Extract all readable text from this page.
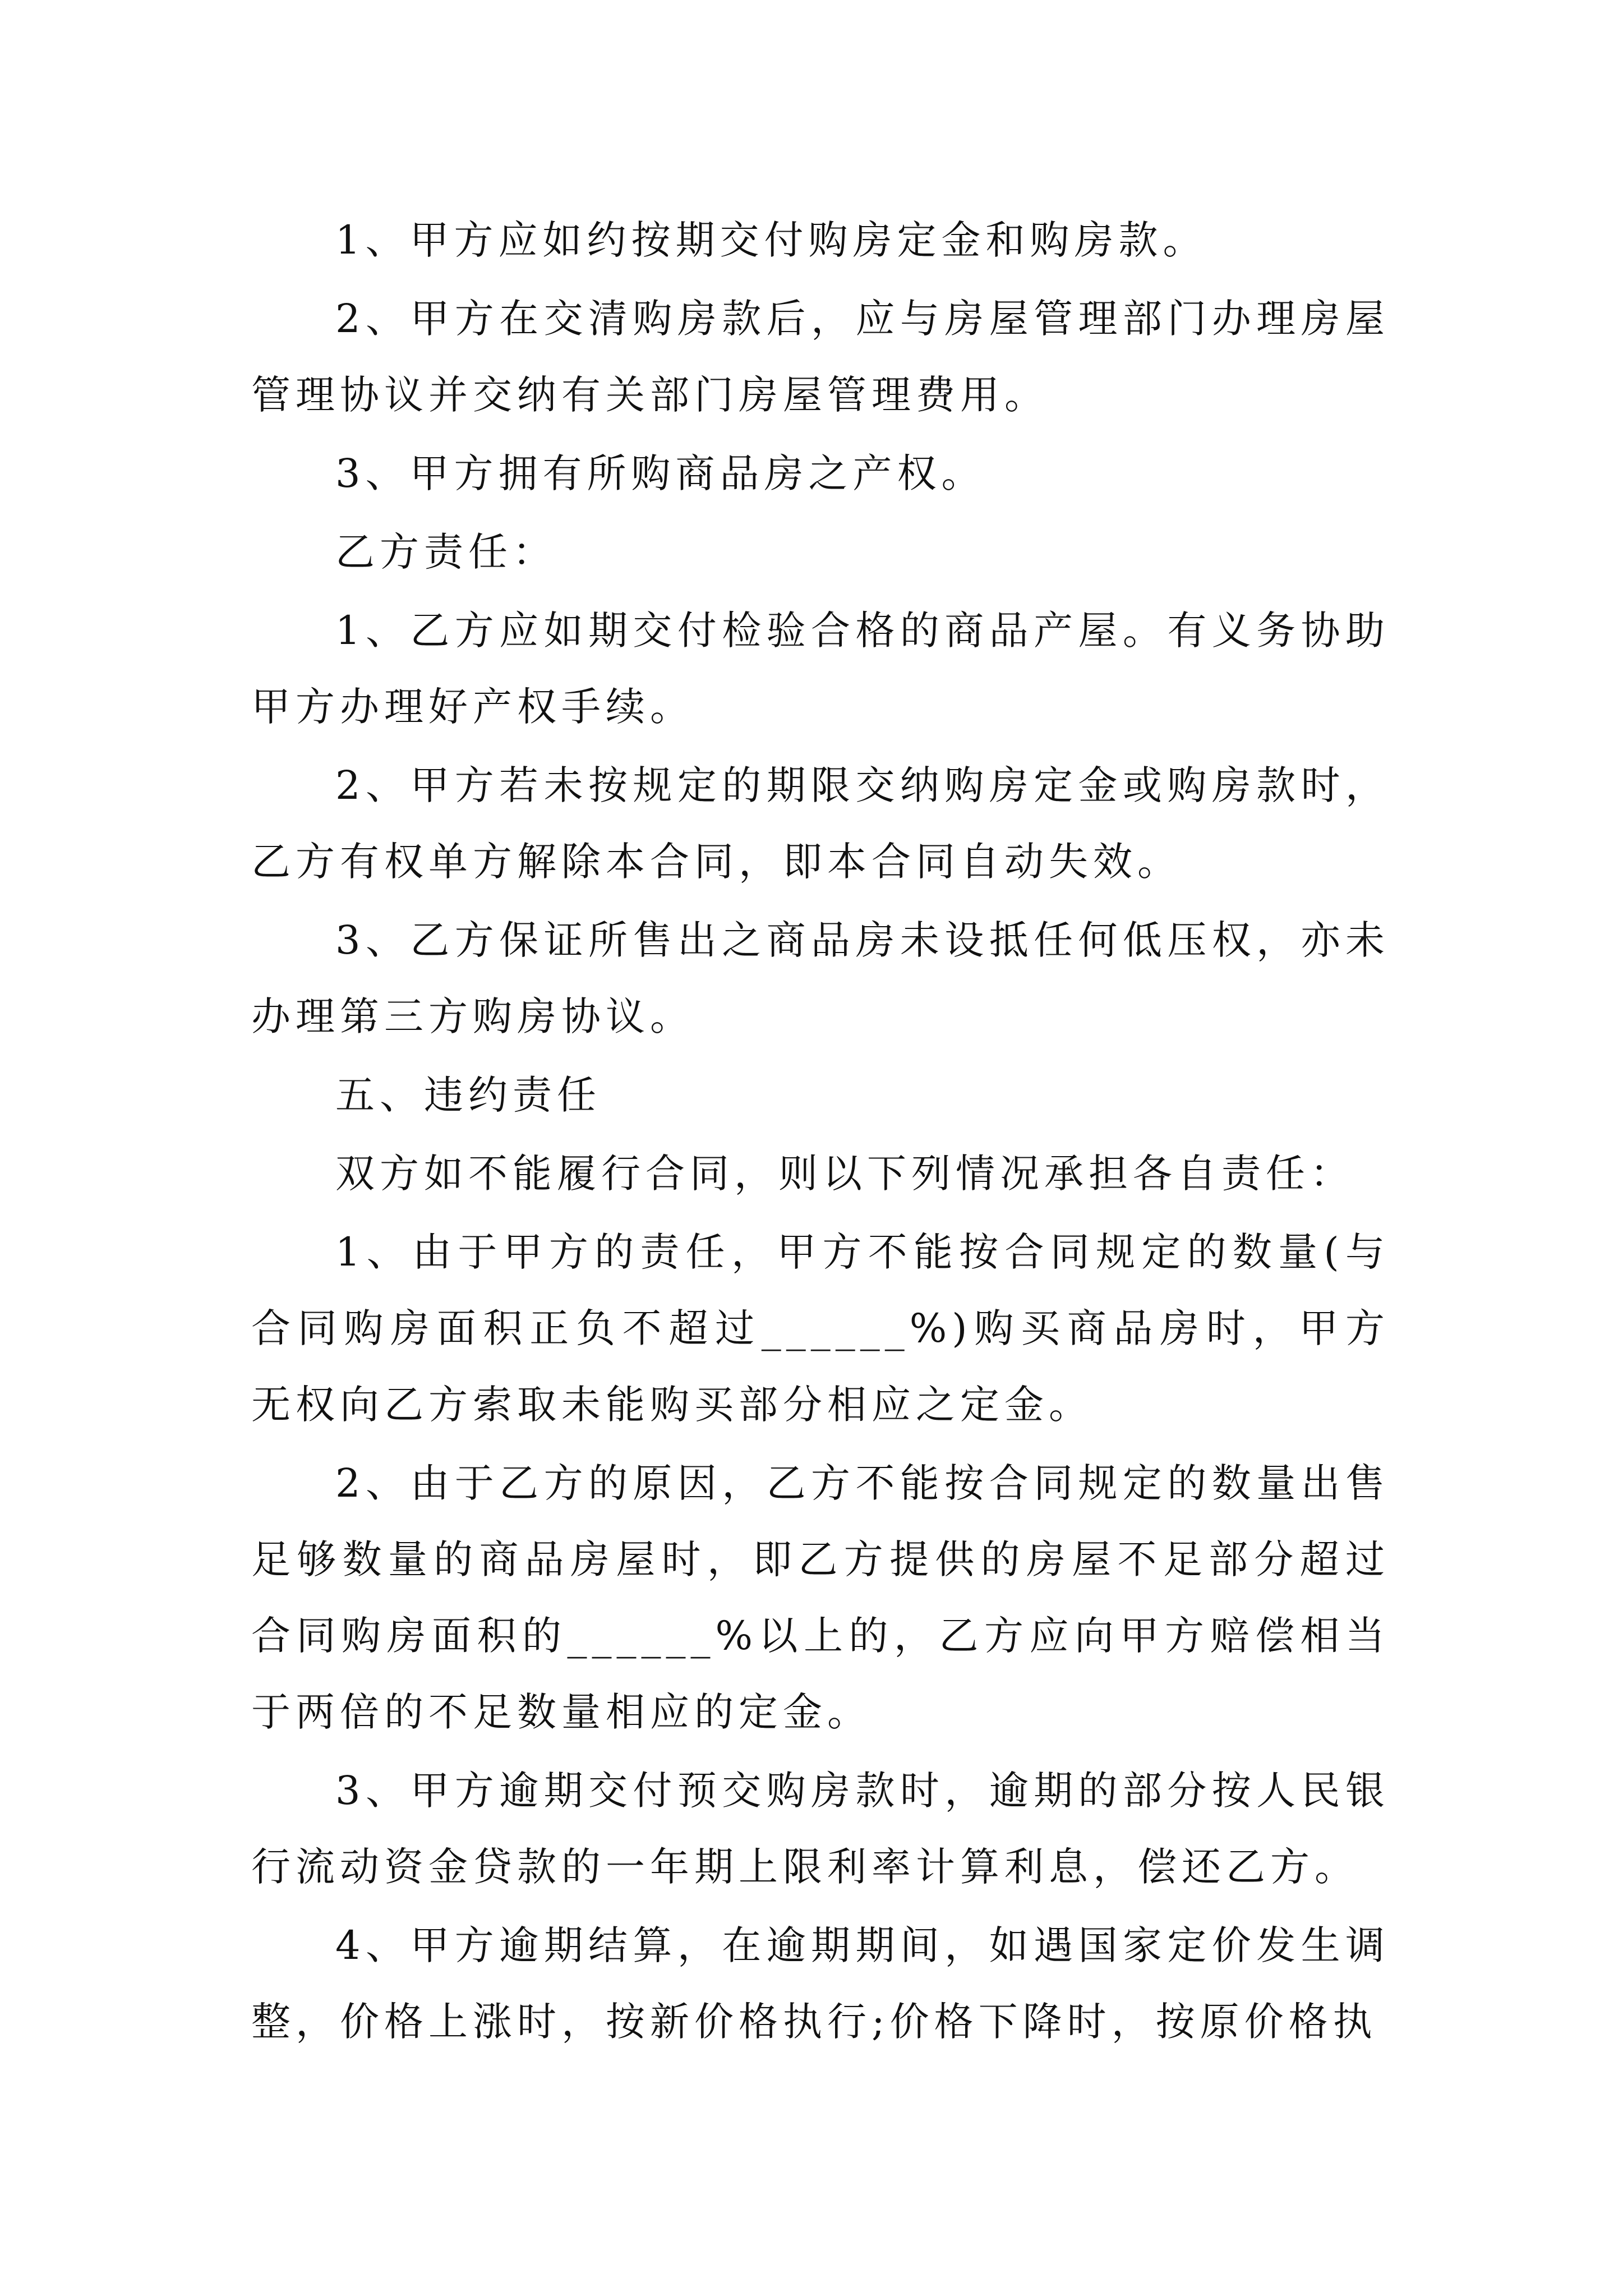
1、甲方应如约按期交付购房定金和购房款。

2、甲方在交清购房款后，应与房屋管理部门办理房屋管理协议并交纳有关部门房屋管理费用。

3、甲方拥有所购商品房之产权。

乙方责任：

1、乙方应如期交付检验合格的商品产屋。有义务协助甲方办理好产权手续。

2、甲方若未按规定的期限交纳购房定金或购房款时，乙方有权单方解除本合同，即本合同自动失效。

3、乙方保证所售出之商品房未设抵任何低压权，亦未办理第三方购房协议。

五、违约责任

双方如不能履行合同，则以下列情况承担各自责任：

1、由于甲方的责任，甲方不能按合同规定的数量(与合同购房面积正负不超过______%)购买商品房时，甲方无权向乙方索取未能购买部分相应之定金。

2、由于乙方的原因，乙方不能按合同规定的数量出售足够数量的商品房屋时，即乙方提供的房屋不足部分超过合同购房面积的______%以上的，乙方应向甲方赔偿相当于两倍的不足数量相应的定金。

3、甲方逾期交付预交购房款时，逾期的部分按人民银行流动资金贷款的一年期上限利率计算利息，偿还乙方。

4、甲方逾期结算，在逾期期间，如遇国家定价发生调整，价格上涨时，按新价格执行;价格下降时，按原价格执
